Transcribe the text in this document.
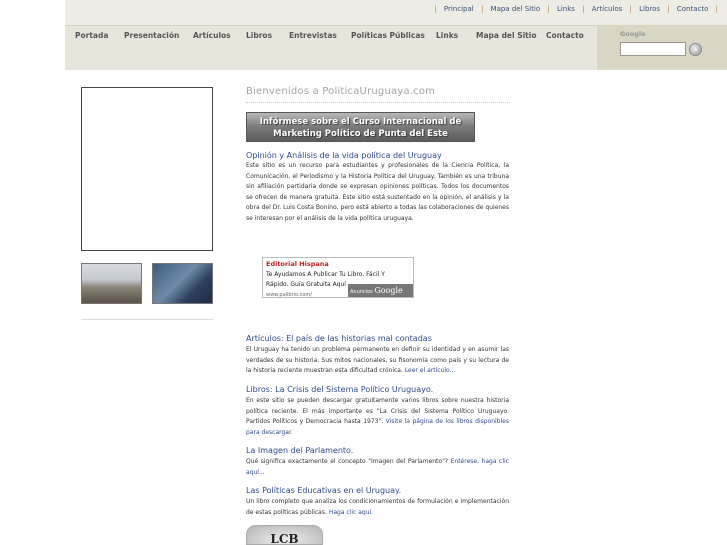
| Principal | Mapa del Sitio | Links | Artículos | Libros | Contacto |
Portada Presentación Artículos Libros Entrevistas Políticas Públicas Links Mapa del Sitio Contacto	Google
»
Bienvenidos a PoliticaUruguaya.com
Infórmese sobre el Curso Internacional de
Marketing Político de Punta del Este
Opinión y Análisis de la vida política del Uruguay
Este sitio es un recurso para estudiantes y profesionales de la Ciencia Política, la Comunicación, el Periodismo y la Historia Política del Uruguay. También es una tribuna sin afiliación partidaria donde se expresan opiniones políticas. Todos los documentos se ofrecen de manera gratuita. Este sitio está sustentado en la opinión, el análisis y la obra del Dr. Luis Costa Bonino, pero está abierto a todas las colaboraciones de quienes se interesan por el análisis de la vida política uruguaya.
Editorial Hispana
Te Ayudamos A Publicar Tu Libro. Fácil Y Rápido. Guía Gratuita Aquí
www.palibrio.com/	Anuncios Google
Artículos: El país de las historias mal contadas
El Uruguay ha tenido un problema permanente en definir su identidad y en asumir las verdades de su historia. Sus mitos nacionales, su fisonomía como país y su lectura de la historia reciente muestran esta dificultad crónica. Leer el artículo...
Libros: La Crisis del Sistema Político Uruguayo.
En este sitio se pueden descargar gratuitamente varios libros sobre nuestra historia política reciente. El más importante es "La Crisis del Sistema Político Uruguayo. Partidos Políticos y Democracia hasta 1973". Visite la página de los libros disponibles para descargar.
La Imagen del Parlamento.
Qué significa exactamente el concepto "Imagen del Parlamento"? Entérese, haga clic aquí...
Las Políticas Educativas en el Uruguay.
Un libro completo que analiza los condicionamientos de formulación e implementación de estas políticas públicas. Haga clic aquí.
LCB
